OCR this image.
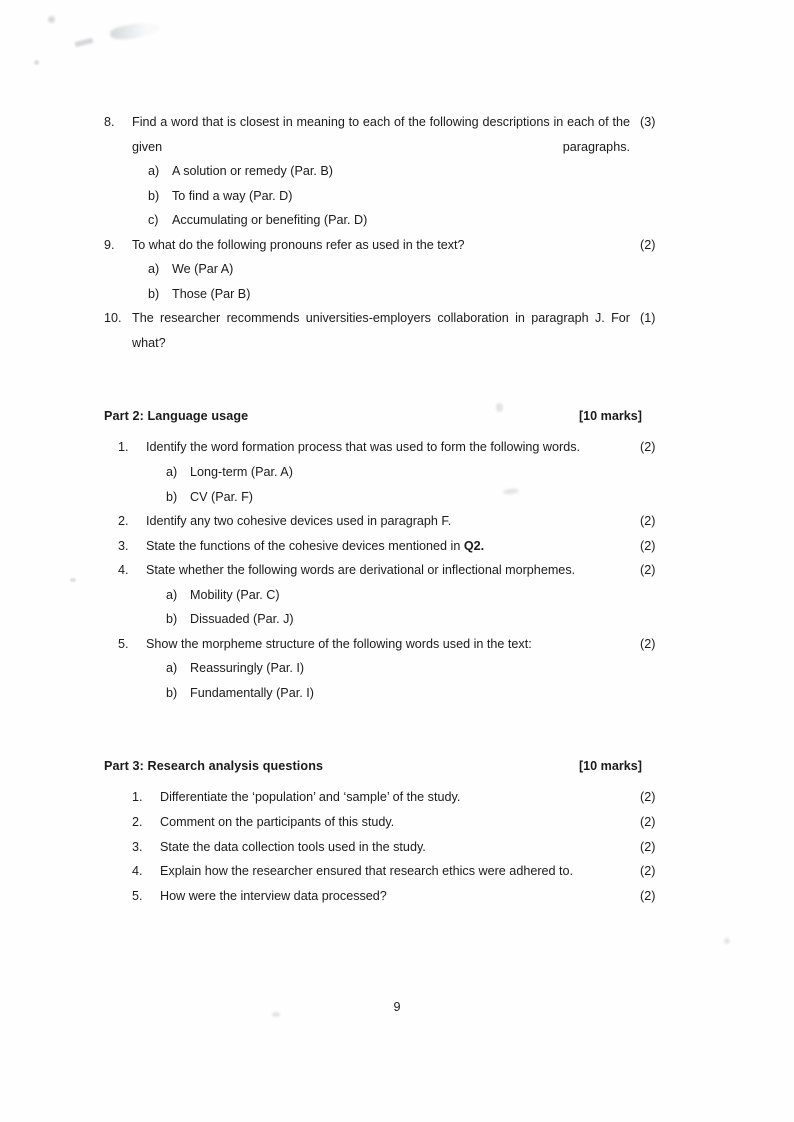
8.	Find a word that is closest in meaning to each of the following descriptions in each of the given paragraphs.
(3)
a)	A solution or remedy (Par. B)
b)	To find a way (Par. D)
c)	Accumulating or benefiting (Par. D)
9.	To what do the following pronouns refer as used in the text?	(2)
a)	We (Par A)
b)	Those (Par B)
10. The researcher recommends universities-employers collaboration in paragraph J. For what?
(1)
Part 2: Language usage	[10 marks]
1.	Identify the word formation process that was used to form the following words.	(2)
a)	Long-term (Par. A)
b)	CV (Par. F)
2.	Identify any two cohesive devices used in paragraph F.	(2)
3.	State the functions of the cohesive devices mentioned in Q2.	(2)
4.	State whether the following words are derivational or inflectional morphemes.	(2)
a)	Mobility (Par. C)
b)	Dissuaded (Par. J)
5.	Show the morpheme structure of the following words used in the text:	(2)
a)	Reassuringly (Par. I)
b)	Fundamentally (Par. I)
Part 3: Research analysis questions	[10 marks]
1.	Differentiate the ‘population’ and ‘sample’ of the study.	(2)
2.	Comment on the participants of this study.	(2)
3.	State the data collection tools used in the study.	(2)
4.	Explain how the researcher ensured that research ethics were adhered to.	(2)
5.	How were the interview data processed?	(2)
9
